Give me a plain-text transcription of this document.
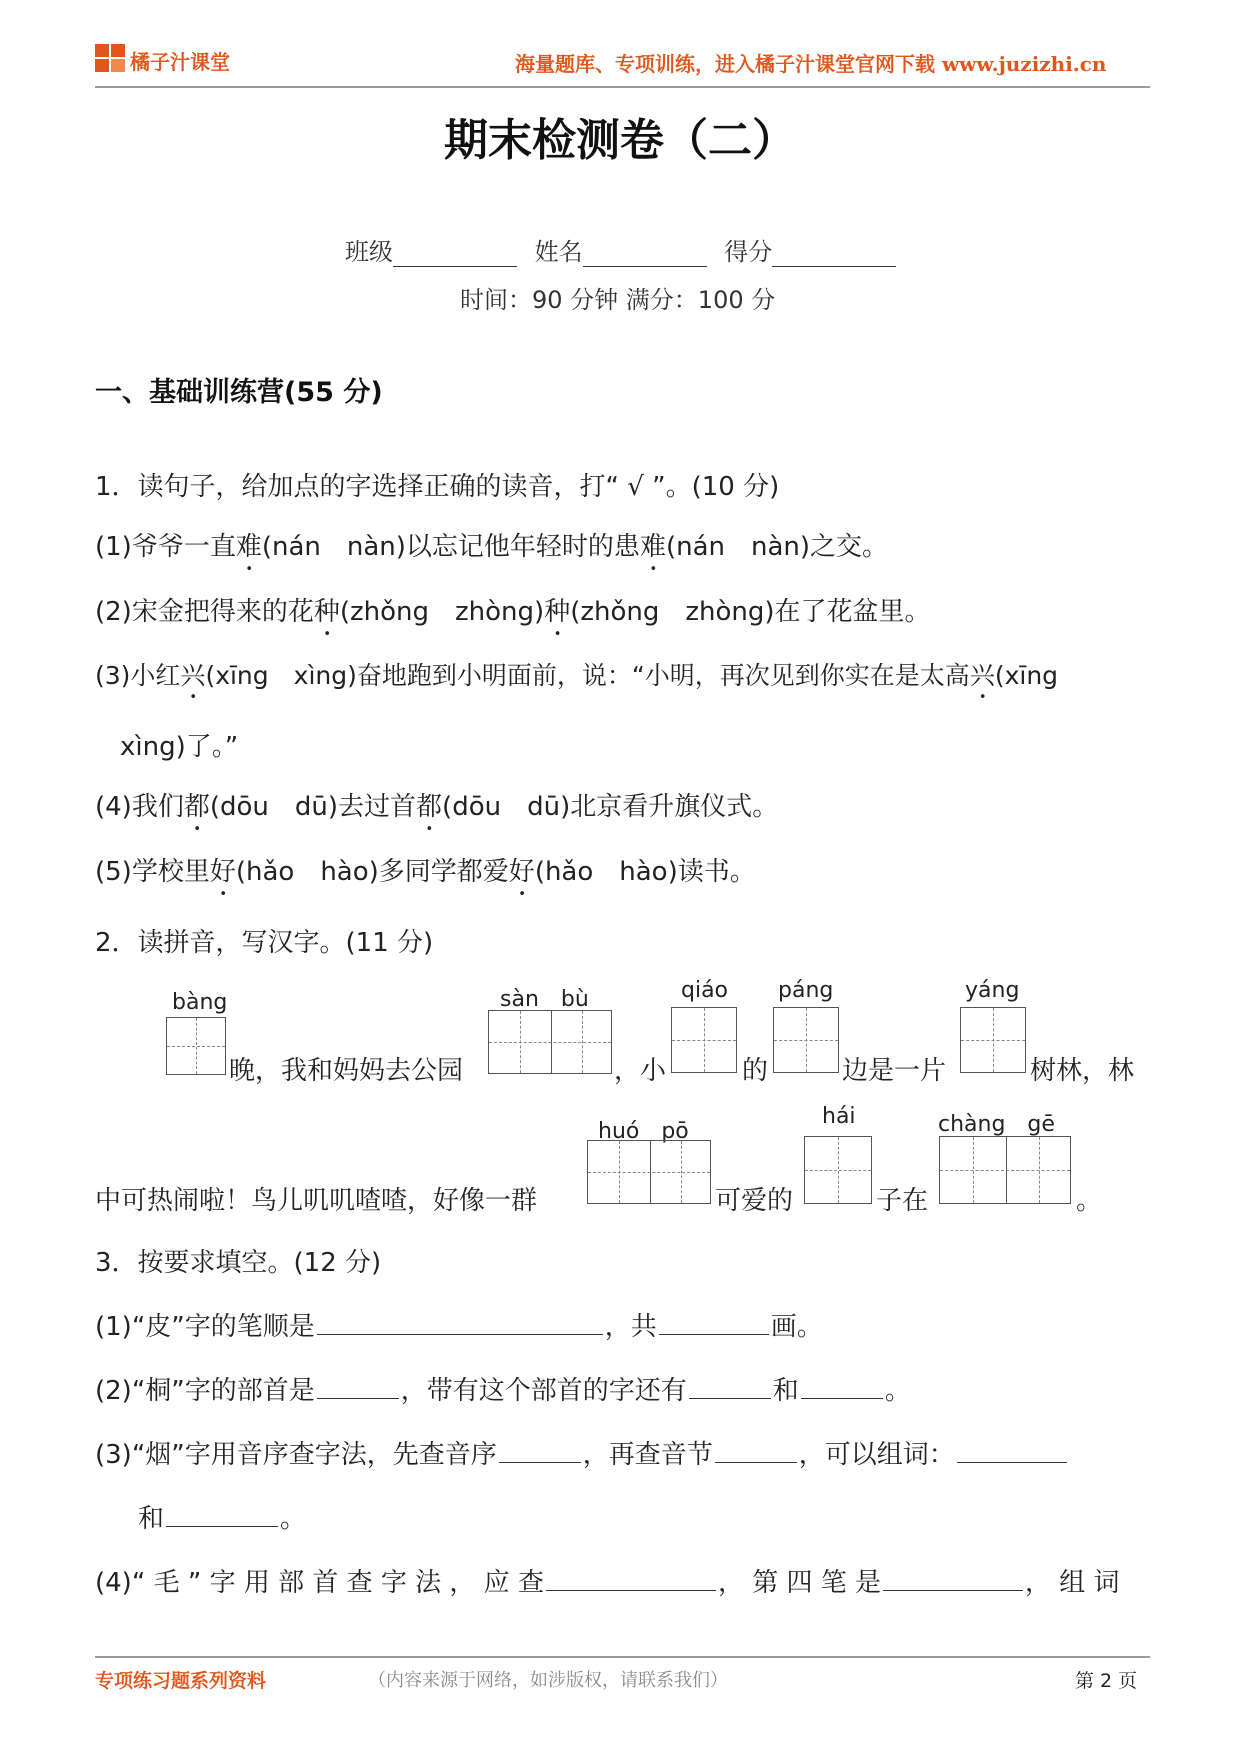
橘子汁课堂	海量题库、专项训练，进入橘子汁课堂官网下载 www.juzizhi.cn
期末检测卷（二）
班级	姓名	得分
时间：90 分钟 满分：100 分
一、基础训练营(55 分)
1．读句子，给加点的字选择正确的读音，打“ √ ”。(10 分)
(1)爷爷一直难(nán　nàn)以忘记他年轻时的患难(nán　nàn)之交。
(2)宋金把得来的花种(zhǒng　zhòng)种(zhǒng　zhòng)在了花盆里。
(3)小红兴(xīng　xìng)奋地跑到小明面前，说：“小明，再次见到你实在是太高兴(xīng
xìng)了。”
(4)我们都(dōu　dū)去过首都(dōu　dū)北京看升旗仪式。
(5)学校里好(hǎo　hào)多同学都爱好(hǎo　hào)读书。
2．读拼音，写汉字。(11 分)
bàng	sàn　bù	qiáo páng	yáng
晚，我和妈妈去公园	，小	的	边是一片	树林，林
huó　pō
hái	chàng　gē
中可热闹啦！鸟儿叽叽喳喳，好像一群	可爱的	子在	。
3．按要求填空。(12 分)
(1)“皮”字的笔顺是	，共	画。
(2)“桐”字的部首是	，带有这个部首的字还有	和	。
(3)“烟”字用音序查字法，先查音序	，再查音节	，可以组词：
和	。
(4)“ 毛 ” 字 用 部 首 查 字 法 ， 应 查	， 第 四 笔 是	， 组 词
专项练习题系列资料	（内容来源于网络，如涉版权，请联系我们）	第 2 页
